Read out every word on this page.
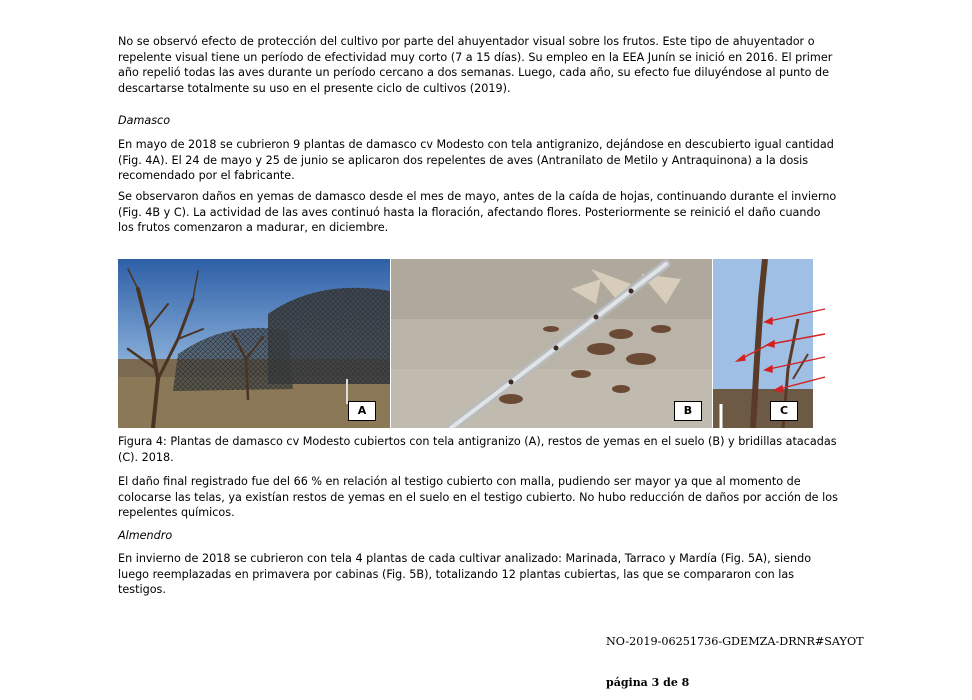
No se observó efecto de protección del cultivo por parte del ahuyentador visual sobre los frutos. Este tipo de ahuyentador o repelente visual tiene un período de efectividad muy corto (7 a 15 días). Su empleo en la EEA Junín se inició en 2016. El primer año repelió todas las aves durante un período cercano a dos semanas. Luego, cada año, su efecto fue diluyéndose al punto de descartarse totalmente su uso en el presente ciclo de cultivos (2019).

Damasco

En mayo de 2018 se cubrieron 9 plantas de damasco cv Modesto con tela antigranizo, dejándose en descubierto igual cantidad (Fig. 4A). El 24 de mayo y 25 de junio se aplicaron dos repelentes de aves (Antranilato de Metilo y Antraquinona) a la dosis recomendado por el fabricante.

Se observaron daños en yemas de damasco desde el mes de mayo, antes de la caída de hojas, continuando durante el invierno (Fig. 4B y C). La actividad de las aves continuó hasta la floración, afectando flores. Posteriormente se reinició el daño cuando los frutos comenzaron a madurar, en diciembre.

A	B	C

Figura 4: Plantas de damasco cv Modesto cubiertos con tela antigranizo (A), restos de yemas en el suelo (B) y bridillas atacadas (C). 2018.

El daño final registrado fue del 66 % en relación al testigo cubierto con malla, pudiendo ser mayor ya que al momento de colocarse las telas, ya existían restos de yemas en el suelo en el testigo cubierto. No hubo reducción de daños por acción de los repelentes químicos.

Almendro

En invierno de 2018 se cubrieron con tela 4 plantas de cada cultivar analizado: Marinada, Tarraco y Mardía (Fig. 5A), siendo luego reemplazadas en primavera por cabinas (Fig. 5B), totalizando 12 plantas cubiertas, las que se compararon con las testigos.

NO-2019-06251736-GDEMZA-DRNR#SAYOT
página 3 de 8
